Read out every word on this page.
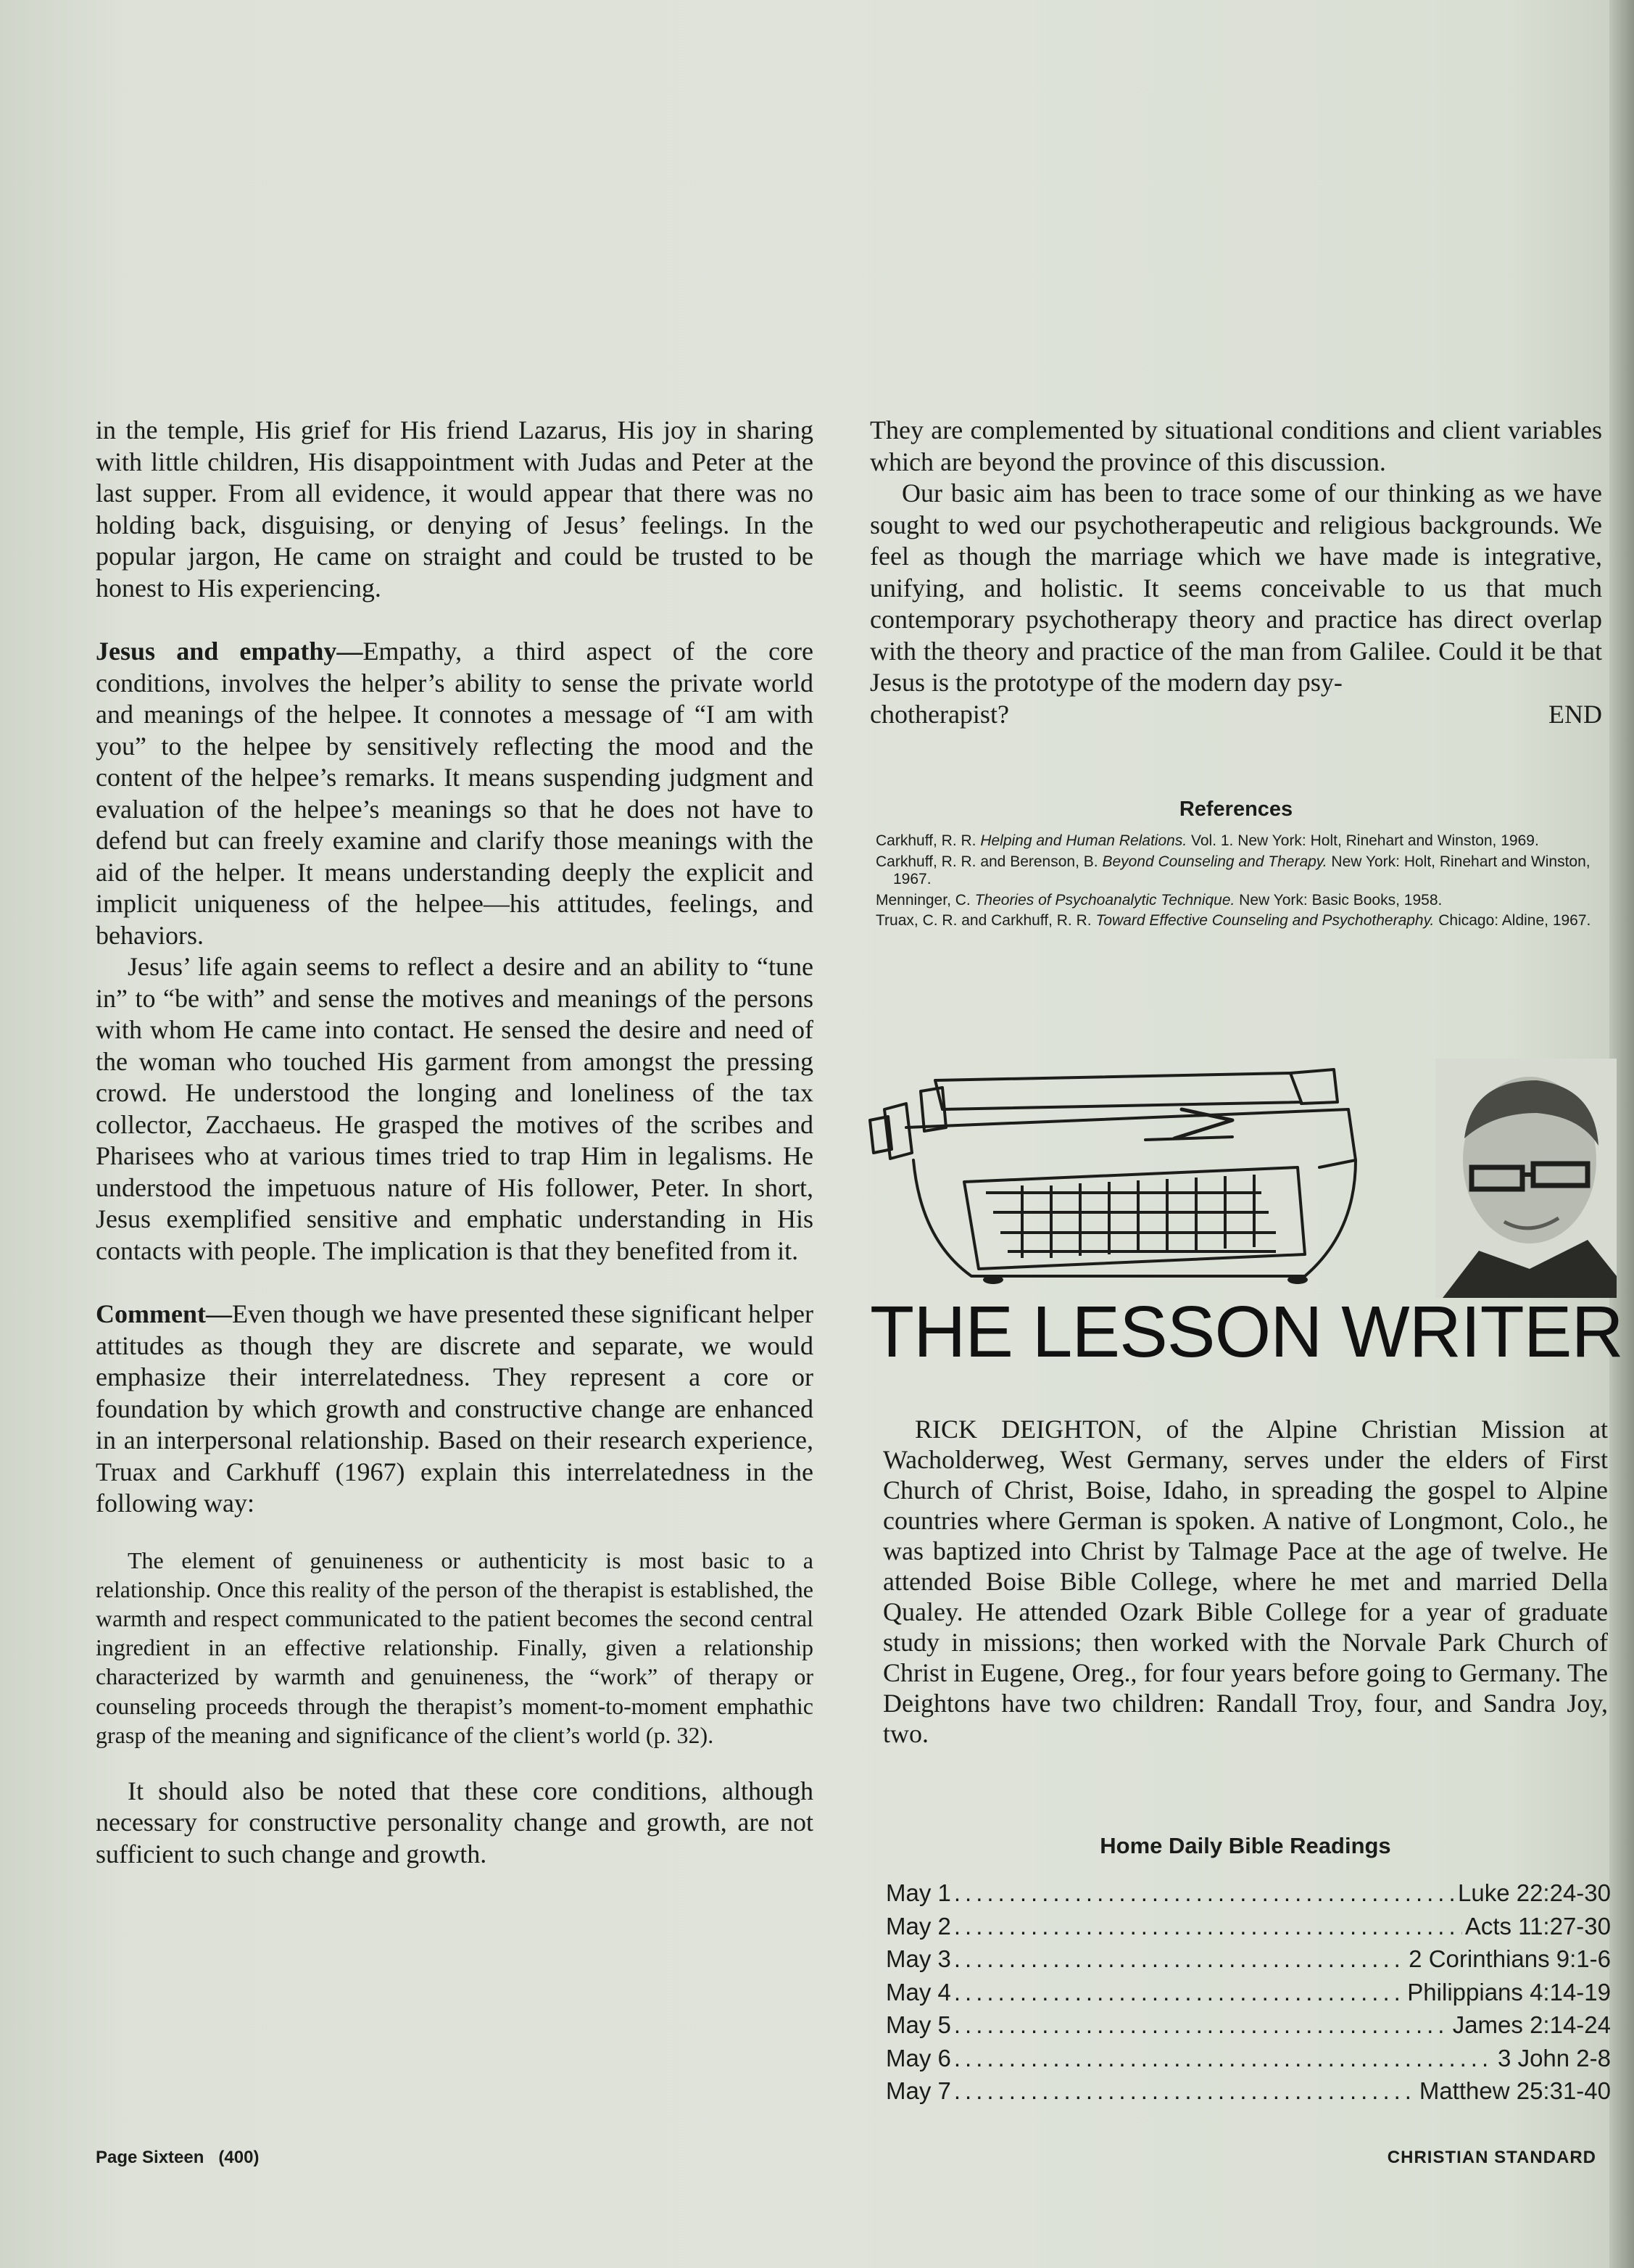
in the temple, His grief for His friend Lazarus, His joy in sharing with little children, His disappointment with Judas and Peter at the last supper. From all evidence, it would appear that there was no holding back, disguising, or denying of Jesus’ feelings. In the popular jargon, He came on straight and could be trusted to be honest to His experiencing.

Jesus and empathy—Empathy, a third aspect of the core conditions, involves the helper’s ability to sense the private world and meanings of the helpee. It connotes a message of “I am with you” to the helpee by sensitively reflecting the mood and the content of the helpee’s remarks. It means suspending judgment and evaluation of the helpee’s meanings so that he does not have to defend but can freely examine and clarify those meanings with the aid of the helper. It means understanding deeply the explicit and implicit uniqueness of the helpee—his attitudes, feelings, and behaviors.

Jesus’ life again seems to reflect a desire and an ability to “tune in” to “be with” and sense the motives and meanings of the persons with whom He came into contact. He sensed the desire and need of the woman who touched His garment from amongst the pressing crowd. He understood the longing and loneliness of the tax collector, Zacchaeus. He grasped the motives of the scribes and Pharisees who at various times tried to trap Him in legalisms. He understood the impetuous nature of His follower, Peter. In short, Jesus exemplified sensitive and emphatic understanding in His contacts with people. The implication is that they benefited from it.

Comment—Even though we have presented these significant helper attitudes as though they are discrete and separate, we would emphasize their interrelatedness. They represent a core or foundation by which growth and constructive change are enhanced in an interpersonal relationship. Based on their research experience, Truax and Carkhuff (1967) explain this interrelatedness in the following way:

The element of genuineness or authenticity is most basic to a relationship. Once this reality of the person of the therapist is established, the warmth and respect communicated to the patient becomes the second central ingredient in an effective relationship. Finally, given a relationship characterized by warmth and genuineness, the “work” of therapy or counseling proceeds through the therapist’s moment-to-moment emphathic grasp of the meaning and significance of the client’s world (p. 32).

It should also be noted that these core conditions, although necessary for constructive personality change and growth, are not sufficient to such change and growth.

They are complemented by situational conditions and client variables which are beyond the province of this discussion.

Our basic aim has been to trace some of our thinking as we have sought to wed our psychotherapeutic and religious backgrounds. We feel as though the marriage which we have made is integrative, unifying, and holistic. It seems conceivable to us that much contemporary psychotherapy theory and practice has direct overlap with the theory and practice of the man from Galilee. Could it be that Jesus is the prototype of the modern day psy-

chotherapist?	END
References
Carkhuff, R. R. Helping and Human Relations. Vol. 1. New York: Holt, Rinehart and Winston, 1969.
Carkhuff, R. R. and Berenson, B. Beyond Counseling and Therapy. New York: Holt, Rinehart and Winston, 1967.
Menninger, C. Theories of Psychoanalytic Technique. New York: Basic Books, 1958.
Truax, C. R. and Carkhuff, R. R. Toward Effective Counseling and Psychotheraphy. Chicago: Aldine, 1967.
THE LESSON WRITER

RICK DEIGHTON, of the Alpine Christian Mission at Wacholderweg, West Germany, serves under the elders of First Church of Christ, Boise, Idaho, in spreading the gospel to Alpine countries where German is spoken. A native of Longmont, Colo., he was baptized into Christ by Talmage Pace at the age of twelve. He attended Boise Bible College, where he met and married Della Qualey. He attended Ozark Bible College for a year of graduate study in missions; then worked with the Norvale Park Church of Christ in Eugene, Oreg., for four years before going to Germany. The Deightons have two children: Randall Troy, four, and Sandra Joy, two.

Home Daily Bible Readings
May 1 .....	Luke 22:24-30
May 2 .....	Acts 11:27-30
May 3 .....	2 Corinthians 9:1-6
May 4 .....	Philippians 4:14-19
May 5 .....	James 2:14-24
May 6 .....	3 John 2-8
May 7 .....	Matthew 25:31-40
Page Sixteen   (400)	CHRISTIAN STANDARD
